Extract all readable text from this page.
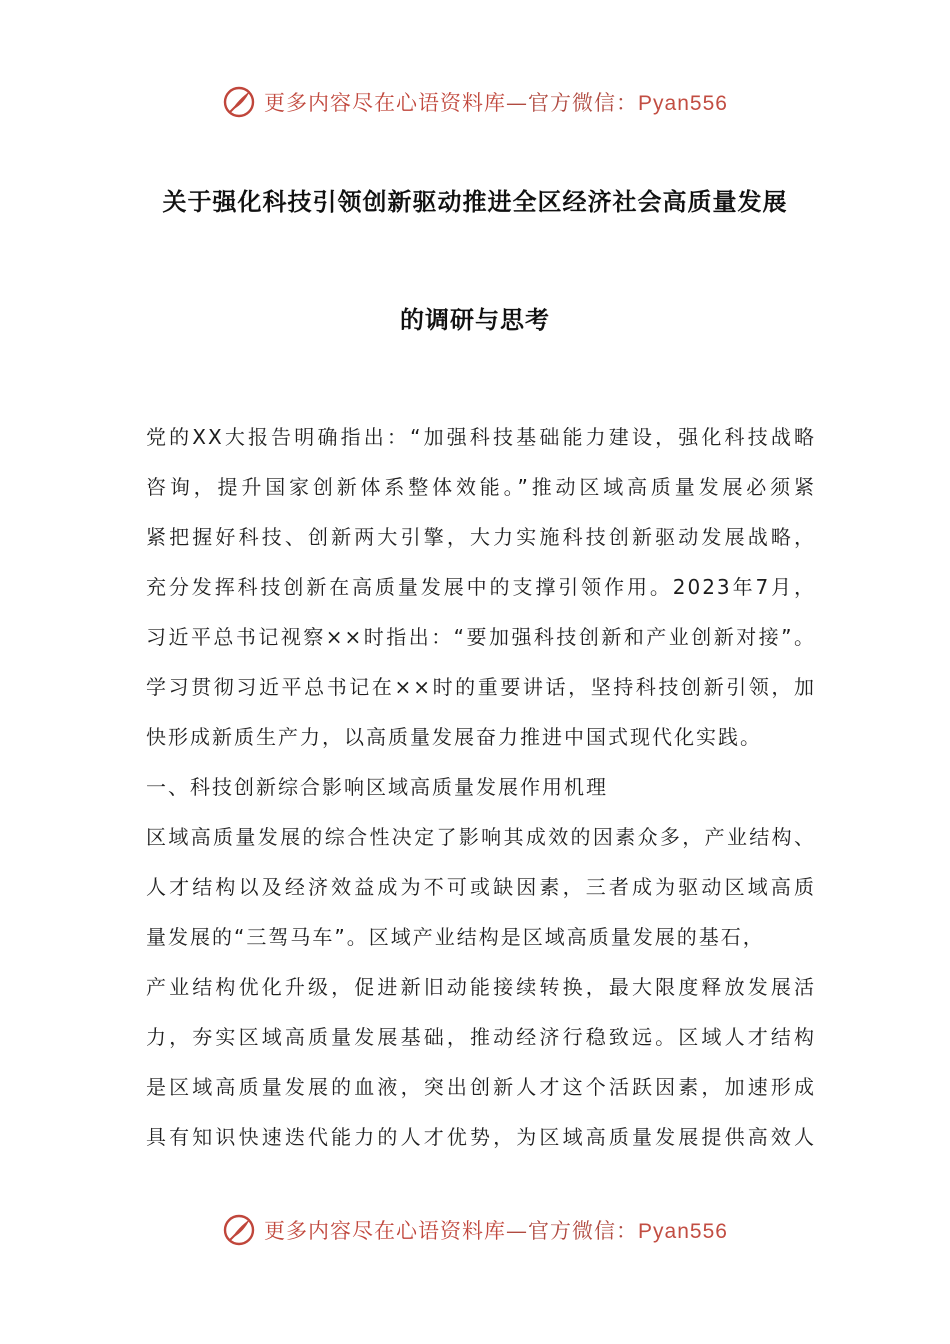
更多内容尽在心语资料库—官方微信：Pyan556
关于强化科技引领创新驱动推进全区经济社会高质量发展
的调研与思考
党的XX大报告明确指出：“加强科技基础能力建设，强化科技战略
咨询，提升国家创新体系整体效能。”推动区域高质量发展必须紧
紧把握好科技、创新两大引擎，大力实施科技创新驱动发展战略，
充分发挥科技创新在高质量发展中的支撑引领作用。2023年7月，
习近平总书记视察××时指出：“要加强科技创新和产业创新对接”。
学习贯彻习近平总书记在××时的重要讲话，坚持科技创新引领，加
快形成新质生产力，以高质量发展奋力推进中国式现代化实践。
一、科技创新综合影响区域高质量发展作用机理
区域高质量发展的综合性决定了影响其成效的因素众多，产业结构、
人才结构以及经济效益成为不可或缺因素，三者成为驱动区域高质
量发展的“三驾马车”。区域产业结构是区域高质量发展的基石，
产业结构优化升级，促进新旧动能接续转换，最大限度释放发展活
力，夯实区域高质量发展基础，推动经济行稳致远。区域人才结构
是区域高质量发展的血液，突出创新人才这个活跃因素，加速形成
具有知识快速迭代能力的人才优势，为区域高质量发展提供高效人
更多内容尽在心语资料库—官方微信：Pyan556
